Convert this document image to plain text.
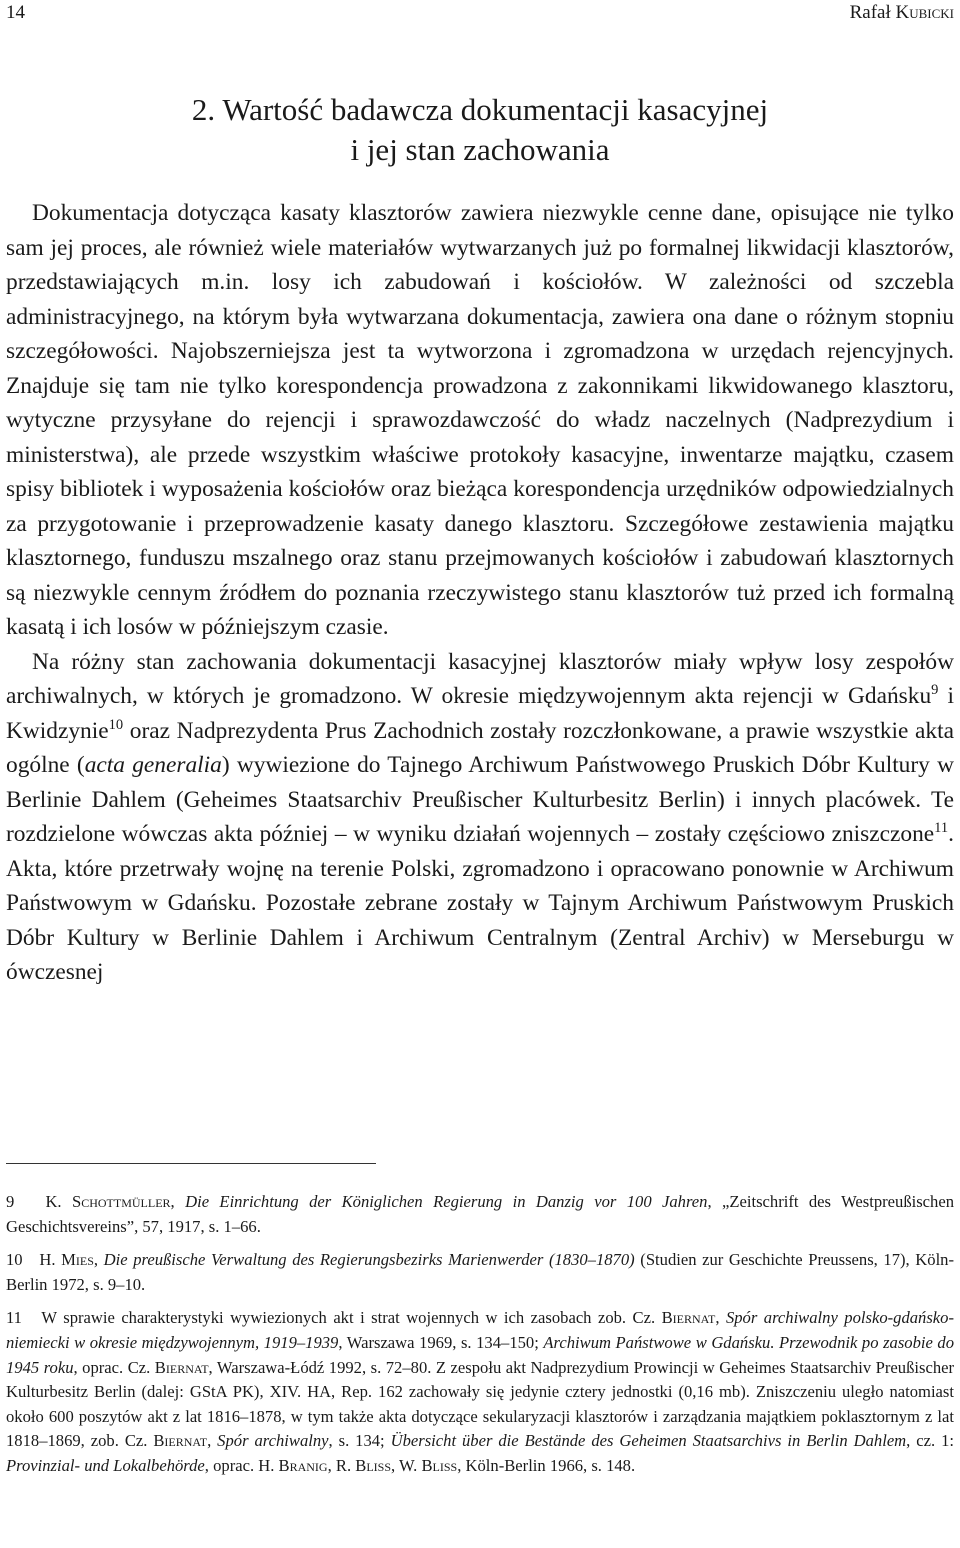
14	Rafał Kubicki
2. Wartość badawcza dokumentacji kasacyjnej
i jej stan zachowania

Dokumentacja dotycząca kasaty klasztorów zawiera niezwykle cenne dane, opisujące nie tylko sam jej proces, ale również wiele materiałów wytwarzanych już po formalnej likwidacji klasztorów, przedstawiających m.in. losy ich zabudowań i kościołów. W zależności od szczebla administracyjnego, na którym była wytwarzana dokumentacja, zawiera ona dane o różnym stopniu szczegółowości. Najobszerniejsza jest ta wytworzona i zgromadzona w urzędach rejencyjnych. Znajduje się tam nie tylko korespondencja prowadzona z zakonnikami likwidowanego klasztoru, wytyczne przysyłane do rejencji i sprawozdawczość do władz naczelnych (Nadprezydium i ministerstwa), ale przede wszystkim właściwe protokoły kasacyjne, inwentarze majątku, czasem spisy bibliotek i wyposażenia kościołów oraz bieżąca korespondencja urzędników odpowiedzialnych za przygotowanie i przeprowadzenie kasaty danego klasztoru. Szczegółowe zestawienia majątku klasztornego, funduszu mszalnego oraz stanu przejmowanych kościołów i zabudowań klasztornych są niezwykle cennym źródłem do poznania rzeczywistego stanu klasztorów tuż przed ich formalną kasatą i ich losów w późniejszym czasie.

Na różny stan zachowania dokumentacji kasacyjnej klasztorów miały wpływ losy zespołów archiwalnych, w których je gromadzono. W okresie międzywojennym akta rejencji w Gdańsku$^9$ i Kwidzynie$^{10}$ oraz Nadprezydenta Prus Zachodnich zostały rozczłonkowane, a prawie wszystkie akta ogólne (acta generalia) wywiezione do Tajnego Archiwum Państwowego Pruskich Dóbr Kultury w Berlinie Dahlem (Geheimes Staatsarchiv Preußischer Kulturbesitz Berlin) i innych placówek. Te rozdzielone wówczas akta później – w wyniku działań wojennych – zostały częściowo zniszczone$^{11}$. Akta, które przetrwały wojnę na terenie Polski, zgromadzono i opracowano ponownie w Archiwum Państwowym w Gdańsku. Pozostałe zebrane zostały w Tajnym Archiwum Państwowym Pruskich Dóbr Kultury w Berlinie Dahlem i Archiwum Centralnym (Zentral Archiv) w Merseburgu w ówczesnej

9 K. Schottmüller, Die Einrichtung der Königlichen Regierung in Danzig vor 100 Jahren, „Zeitschrift des Westpreußischen Geschichtsvereins”, 57, 1917, s. 1–66.

10 H. Mies, Die preußische Verwaltung des Regierungsbezirks Marienwerder (1830–1870) (Studien zur Geschichte Preussens, 17), Köln-Berlin 1972, s. 9–10.

11 W sprawie charakterystyki wywiezionych akt i strat wojennych w ich zasobach zob. Cz. Biernat, Spór archiwalny polsko-gdańsko-niemiecki w okresie międzywojennym, 1919–1939, Warszawa 1969, s. 134–150; Archiwum Państwowe w Gdańsku. Przewodnik po zasobie do 1945 roku, oprac. Cz. Biernat, Warszawa-Łódź 1992, s. 72–80. Z zespołu akt Nadprezydium Prowincji w Geheimes Staatsarchiv Preußischer Kulturbesitz Berlin (dalej: GStA PK), XIV. HA, Rep. 162 zachowały się jedynie cztery jednostki (0,16 mb). Zniszczeniu uległo natomiast około 600 poszytów akt z lat 1816–1878, w tym także akta dotyczące sekularyzacji klasztorów i zarządzania majątkiem poklasztornym z lat 1818–1869, zob. Cz. Biernat, Spór archiwalny, s. 134; Übersicht über die Bestände des Geheimen Staatsarchivs in Berlin Dahlem, cz. 1: Provinzial- und Lokalbehörde, oprac. H. Branig, R. Bliss, W. Bliss, Köln-Berlin 1966, s. 148.
